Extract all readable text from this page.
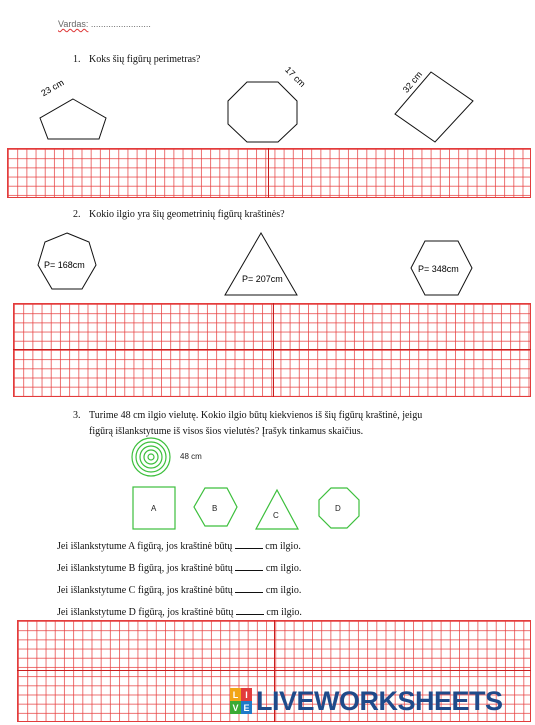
Vardas: ........................
1. Koks šių figūrų perimetras?
23 cm	17 cm	32 cm
2. Kokio ilgio yra šių geometrinių figūrų kraštinės?
P= 168cm
P= 207cm
P= 348cm
3. Turime 48 cm ilgio vielutę. Kokio ilgio būtų kiekvienos iš šių figūrų kraštinė, jeigu
figūrą išlankstytume iš visos šios vielutės? Įrašyk tinkamus skaičius.
48 cm
A	B
C
D
Jei išlankstytume A figūrą, jos kraštinė būtų	cm ilgio.
Jei išlankstytume B figūrą, jos kraštinė būtų	cm ilgio.
Jei išlankstytume C figūrą, jos kraštinė būtų	cm ilgio.
Jei išlankstytume D figūrą, jos kraštinė būtų	cm ilgio.
L I
V E LIVEWORKSHEETS
